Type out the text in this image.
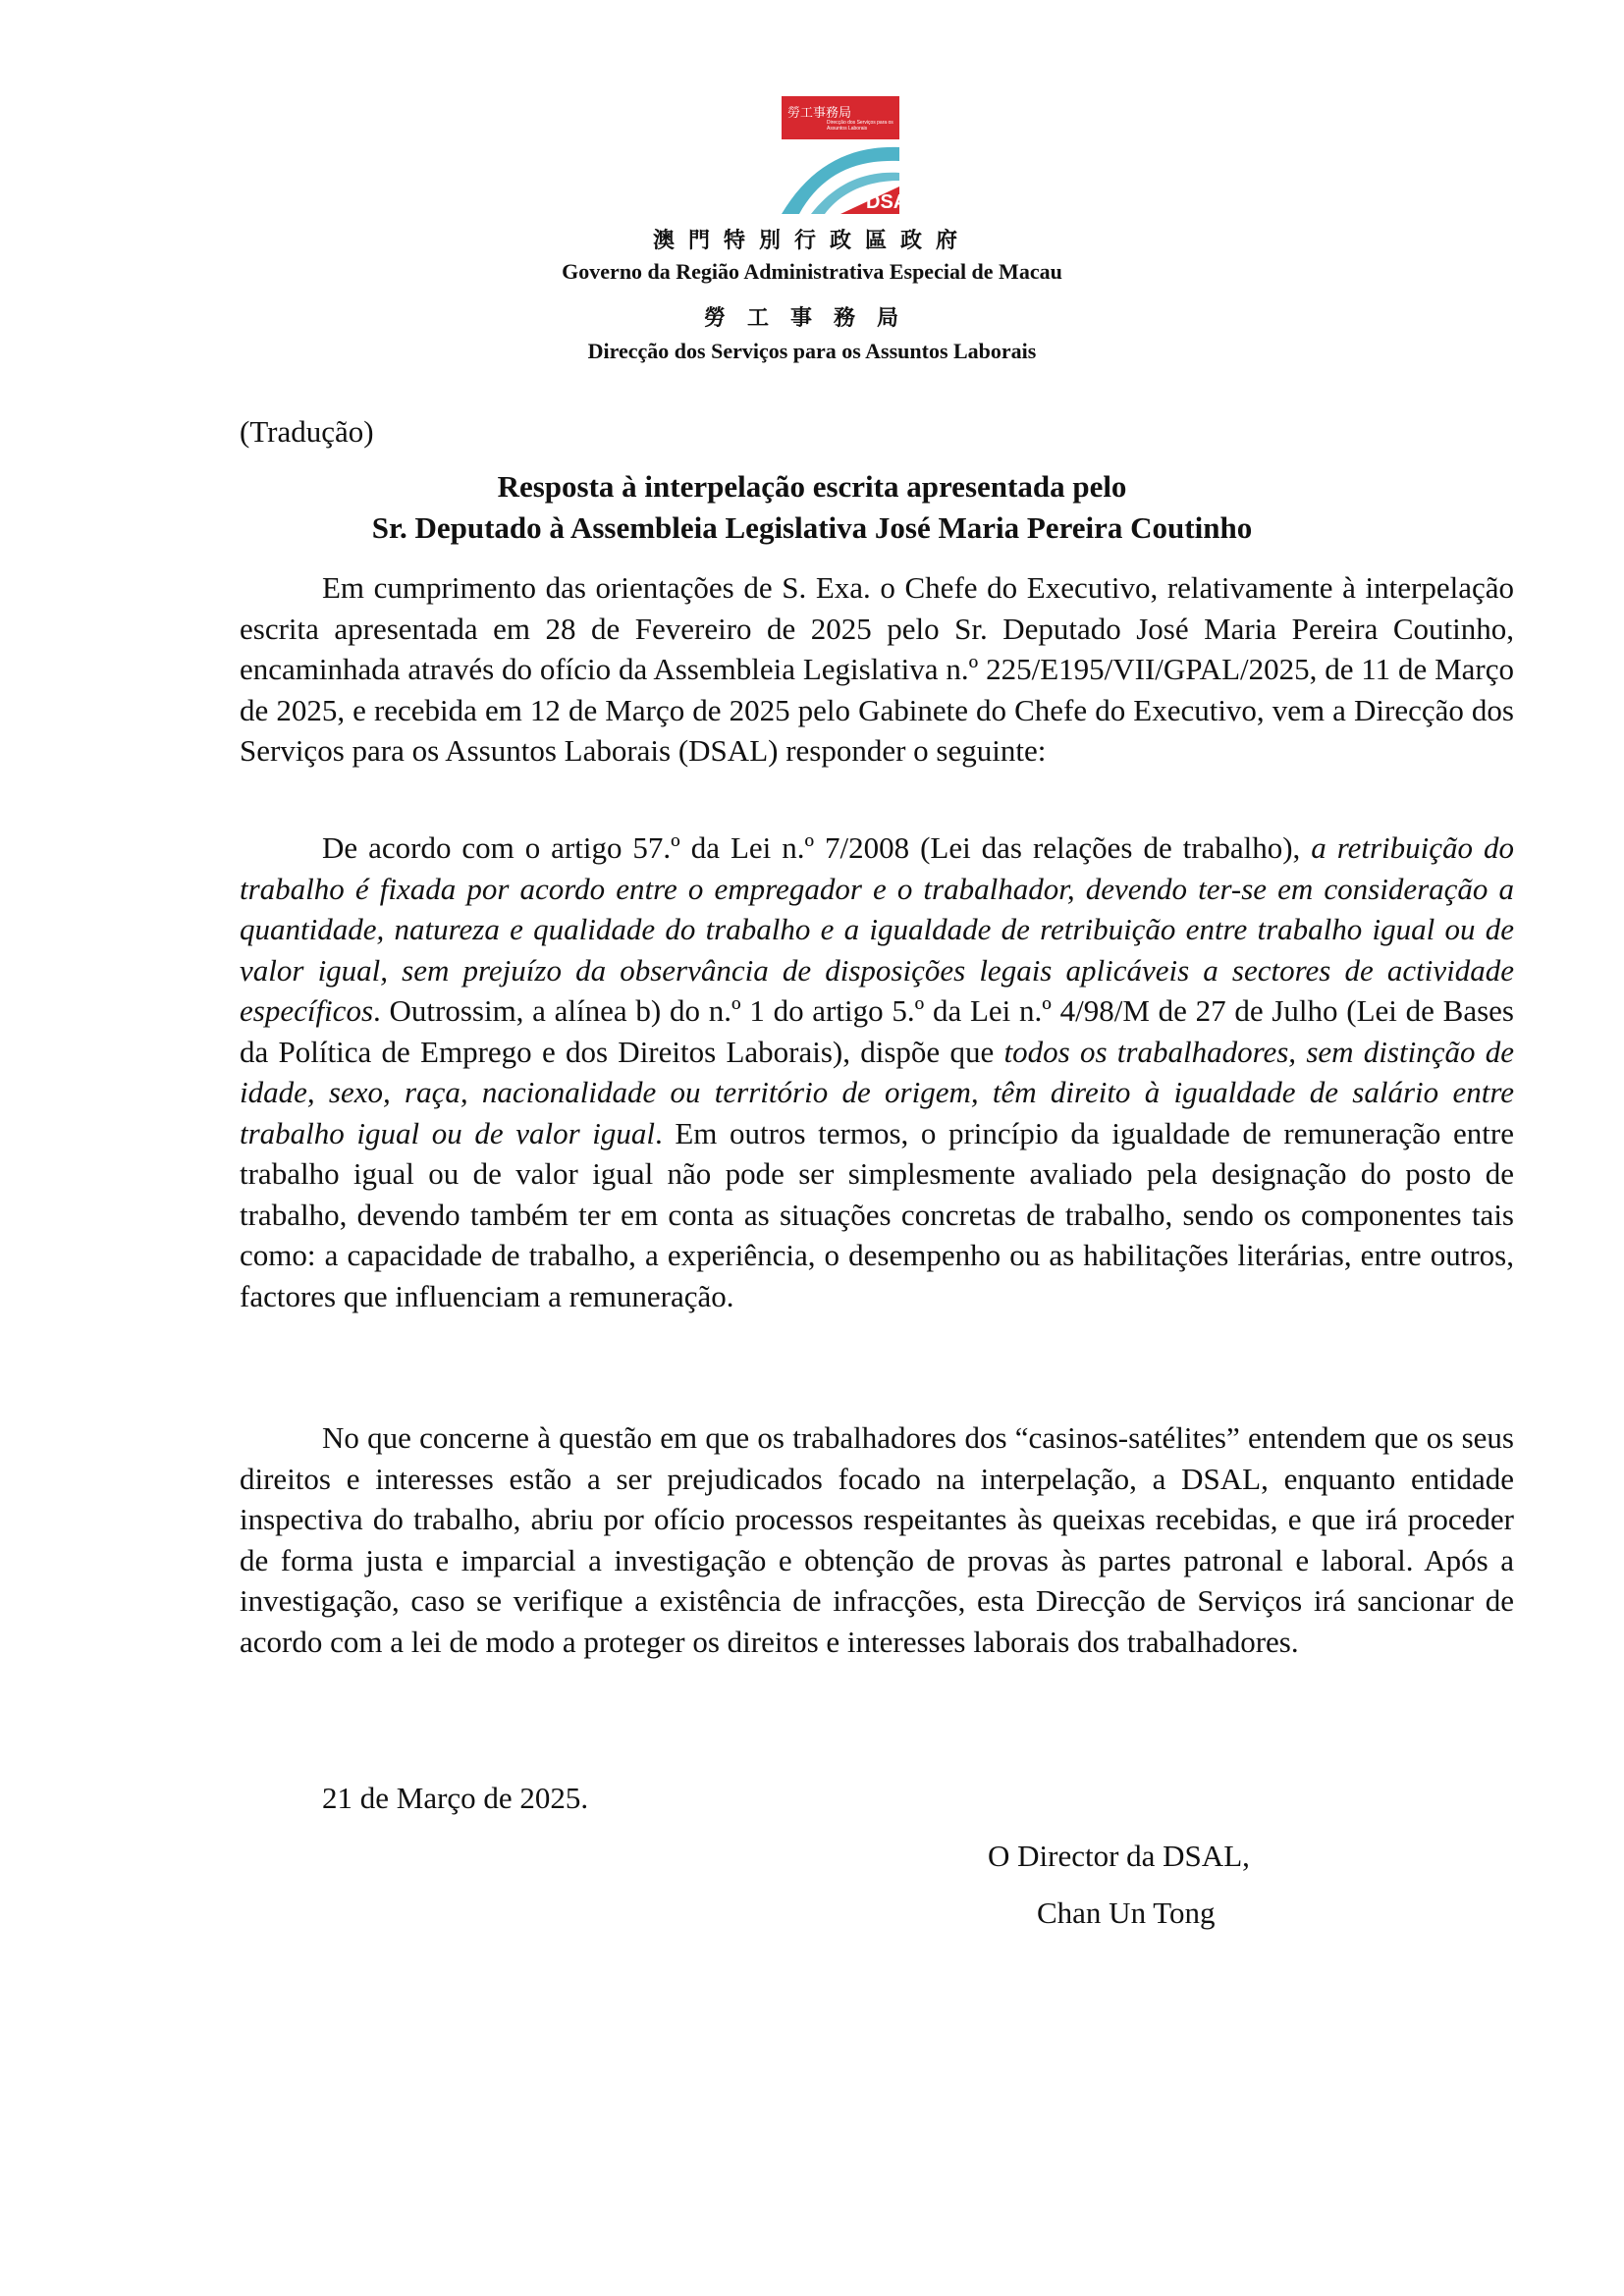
DSAL
勞工事務局
Direcção dos Serviços para os Assuntos Laborais
澳門特別行政區政府
Governo da Região Administrativa Especial de Macau
勞工事務局
Direcção dos Serviços para os Assuntos Laborais
(Tradução)
Resposta à interpelação escrita apresentada pelo
Sr. Deputado à Assembleia Legislativa José Maria Pereira Coutinho

Em cumprimento das orientações de S. Exa. o Chefe do Executivo, relativamente à interpelação escrita apresentada em 28 de Fevereiro de 2025 pelo Sr. Deputado José Maria Pereira Coutinho, encaminhada através do ofício da Assembleia Legislativa n.º 225/E195/VII/GPAL/2025, de 11 de Março de 2025, e recebida em 12 de Março de 2025 pelo Gabinete do Chefe do Executivo, vem a Direcção dos Serviços para os Assuntos Laborais (DSAL) responder o seguinte:

De acordo com o artigo 57.º da Lei n.º 7/2008 (Lei das relações de trabalho), a retribuição do trabalho é fixada por acordo entre o empregador e o trabalhador, devendo ter-se em consideração a quantidade, natureza e qualidade do trabalho e a igualdade de retribuição entre trabalho igual ou de valor igual, sem prejuízo da observância de disposições legais aplicáveis a sectores de actividade específicos. Outrossim, a alínea b) do n.º 1 do artigo 5.º da Lei n.º 4/98/M de 27 de Julho (Lei de Bases da Política de Emprego e dos Direitos Laborais), dispõe que todos os trabalhadores, sem distinção de idade, sexo, raça, nacionalidade ou território de origem, têm direito à igualdade de salário entre trabalho igual ou de valor igual. Em outros termos, o princípio da igualdade de remuneração entre trabalho igual ou de valor igual não pode ser simplesmente avaliado pela designação do posto de trabalho, devendo também ter em conta as situações concretas de trabalho, sendo os componentes tais como: a capacidade de trabalho, a experiência, o desempenho ou as habilitações literárias, entre outros, factores que influenciam a remuneração.

No que concerne à questão em que os trabalhadores dos “casinos-satélites” entendem que os seus direitos e interesses estão a ser prejudicados focado na interpelação, a DSAL, enquanto entidade inspectiva do trabalho, abriu por ofício processos respeitantes às queixas recebidas, e que irá proceder de forma justa e imparcial a investigação e obtenção de provas às partes patronal e laboral. Após a investigação, caso se verifique a existência de infracções, esta Direcção de Serviços irá sancionar de acordo com a lei de modo a proteger os direitos e interesses laborais dos trabalhadores.

21 de Março de 2025.
O Director da DSAL,
Chan Un Tong
